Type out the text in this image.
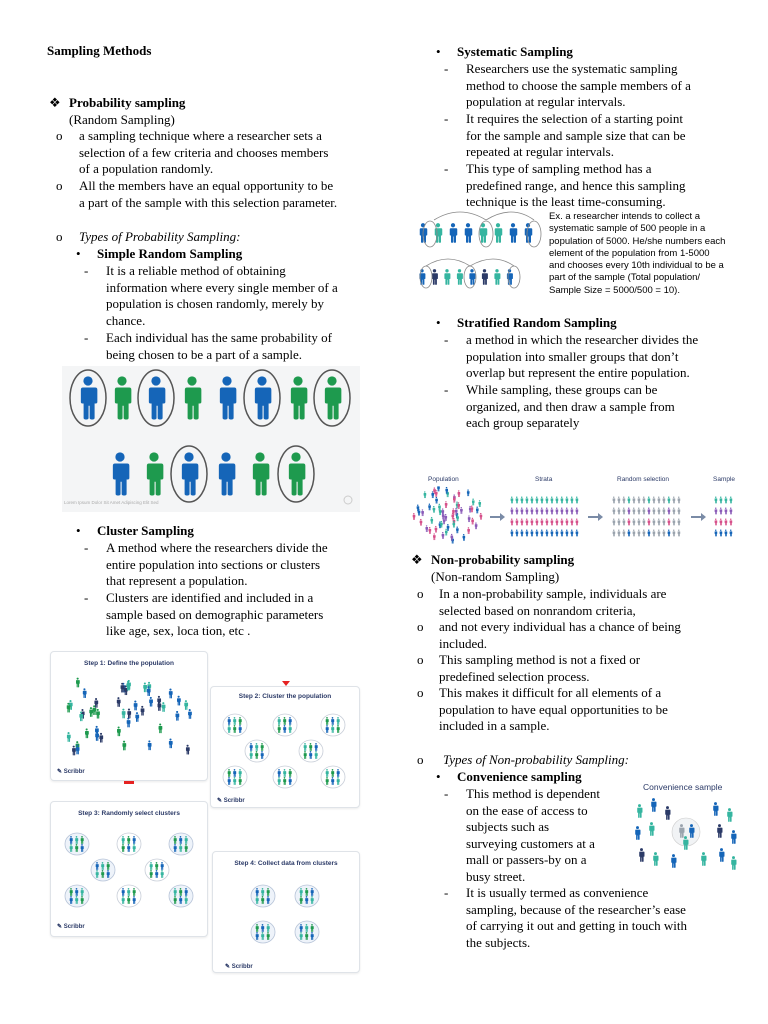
Sampling Methods
❖ Probability sampling
(Random Sampling)
o a sampling technique where a researcher sets a
selection of a few criteria and chooses members
of a population randomly.
o All the members have an equal opportunity to be
a part of the sample with this selection parameter.
o Types of Probability Sampling:
• Simple Random Sampling
- It is a reliable method of obtaining
information where every single member of a
population is chosen randomly, merely by
chance.
- Each individual has the same probability of
being chosen to be a part of a sample.
Lorem Ipsum Dolor Sit Amet Adipiscing Elit Sed
• Cluster Sampling
- A method where the researchers divide the
entire population into sections or clusters
that represent a population.
- Clusters are identified and included in a
sample based on demographic parameters
like age, sex, loca tion, etc .
Step 1: Define the population
✎ Scribbr
Step 2: Cluster the population
✎ Scribbr
Step 3: Randomly select clusters
✎ Scribbr
Step 4: Collect data from clusters
✎ Scribbr
• Systematic Sampling
- Researchers use the systematic sampling
method to choose the sample members of a
population at regular intervals.
- It requires the selection of a starting point
for the sample and sample size that can be
repeated at regular intervals.
- This type of sampling method has a
predefined range, and hence this sampling
technique is the least time-consuming.
Ex. a researcher intends to collect a
systematic sample of 500 people in a
population of 5000. He/she numbers each
element of the population from 1-5000
and chooses every 10th individual to be a
part of the sample (Total population/
Sample Size = 5000/500 = 10).
• Stratified Random Sampling
- a method in which the researcher divides the
population into smaller groups that don’t
overlap but represent the entire population.
- While sampling, these groups can be
organized, and then draw a sample from
each group separately
Population	Strata	Random selection	Sample
❖ Non-probability sampling
(Non-random Sampling)
o In a non-probability sample, individuals are
selected based on nonrandom criteria,
o and not every individual has a chance of being
included.
o This sampling method is not a fixed or
predefined selection process.
o This makes it difficult for all elements of a
population to have equal opportunities to be
included in a sample.
o Types of Non-probability Sampling:
• Convenience sampling
- This method is dependent
on the ease of access to
subjects such as
surveying customers at a
mall or passers-by on a
busy street.
- It is usually termed as convenience
sampling, because of the researcher’s ease
of carrying it out and getting in touch with
the subjects.
Convenience sample
